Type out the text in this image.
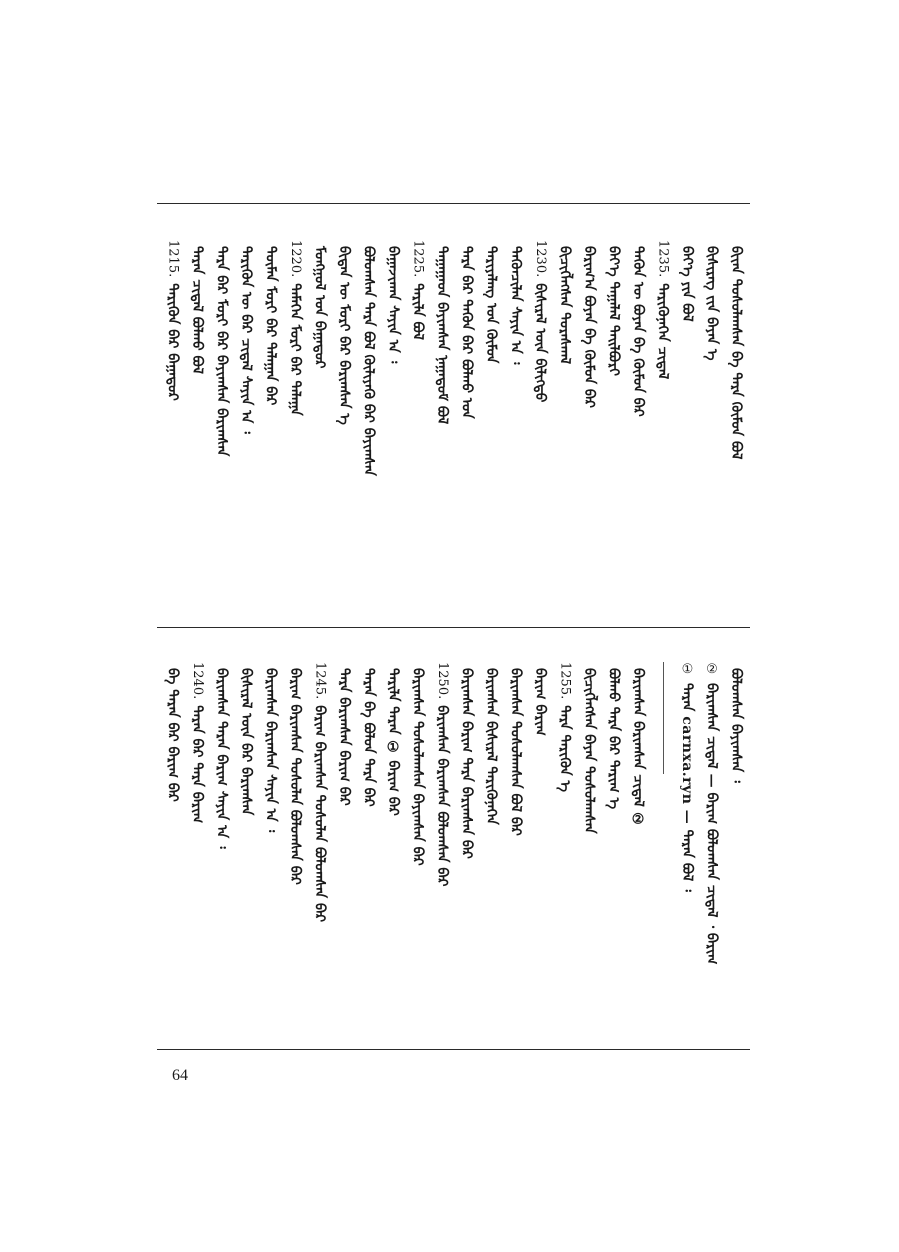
ᠪᠢᠶ᠋ᠡᠨ ᠲᠤᠰᠤᠯᠠᠭᠰᠠᠨ ᠪᠠ ᠲᠡᠷᠡ ᠬᠦᠮᠦᠨ ᠪᠣᠯ
ᠪᠢᠰᠢᠷᠡᠭ ᠵᠢᠨ ᠪᠠᠶᠠᠨ ᠡ
ᠪᠡᠶ᠎ᠡ ᠶᠢᠨ ᠪᠣᠯ
1235.ᠲᠡᠷᠢᠭᠦᠨᠡᠬᠡᠨ ᠴᠢᠳᠠᠯ
ᠲᠡᠭᠦᠨ ᠦ ᠪᠤᠶᠠᠨ ᠪᠠ ᠬᠦᠮᠦᠨ ᠪᠡᠷ
ᠪᠡᠶ᠎ᠡ ᠲᠠᠭᠠᠯᠠᠯ ᠲᠠᠢᠯᠪᠤᠷᠢ
ᠪᠠᠷᠢᠭ᠎ᠠ ᠪᠤᠶᠠᠨ ᠪᠠ ᠬᠦᠮᠦᠨ ᠪᠡᠷ
ᠪᠢᠴᠢᠭᠯᠡᠭᠰᠡᠨ ᠳᠤᠷᠠᠰᠬᠠᠯ
1230.ᠪᠢᠰᠢᠷᠡᠯ ᠦᠨ ᠪᠢᠯᠢᠭᠲᠦ
ᠲᠡᠭᠦᠨᠴᠢᠯᠡᠨ ᠰᠠᠶᠢᠨ ᠠ ᠄
ᠲᠠᠷᠢᠶᠠᠯᠠᠩ ᠤᠨ ᠬᠦᠮᠦᠨ
ᠲᠡᠷᠡ ᠪᠡᠷ ᠲᠡᠭᠦᠨ ᠪᠡᠷ ᠪᠣᠯᠬᠤ ᠤᠨ
ᠳᠠᠭᠠᠭᠠᠳ ᠪᠠᠶᠢᠭᠰᠠᠨ ᠨᠠᠭᠠᠳᠤᠮ ᠪᠣᠯ
1225.ᠲᠠᠷᠢᠯᠠ ᠪᠣᠯ
ᠪᠠᠭᠠᠵᠢᠬᠠᠨ ᠰᠠᠶᠢᠨ ᠠ ᠄
ᠪᠣᠯᠤᠭᠰᠠᠨ ᠲᠡᠷᠡ ᠪᠣᠯ ᠬᠦᠯᠢᠶᠡᠬᠦ ᠪᠠᠷ ᠪᠠᠶᠢᠭᠰᠠᠨ
ᠪᠢᠳᠡᠨ ᠦ ᠮᠣᠷᠢ ᠪᠠᠷ ᠪᠠᠷᠢᠭᠰᠠᠨ ᠡ
ᠮᠣᠩᠭᠣᠯ ᠤᠨ ᠪᠠᠭᠠᠲᠤᠷ
1220.ᠲᠡᠮᠡᠭᠡᠨ ᠮᠣᠷᠢ ᠪᠠᠷ ᠲᠠᠯᠠᠭᠠ
ᠲᠦᠮᠡᠨ ᠮᠣᠷᠢ ᠪᠠᠷ ᠲᠠᠯᠠᠭᠠᠨ ᠪᠠᠷ
ᠲᠡᠷᠢᠭᠦᠨ ᠦ ᠪᠠᠷ ᠴᠢᠳᠠᠯ ᠰᠠᠶᠢᠨ ᠠ ᠄
ᠲᠡᠷᠡ ᠪᠡᠷ ᠮᠣᠷᠢ ᠪᠠᠷ ᠪᠠᠶᠢᠭᠰᠠᠨ ᠪᠠᠷᠢᠭᠰᠠᠨ
ᠲᠠᠷᠠᠨ ᠴᠢᠳᠠᠯ ᠪᠣᠯᠬᠤ ᠪᠣᠯ
1215.ᠲᠡᠷᠢᠭᠦᠨ ᠪᠠᠷ ᠪᠠᠭᠠᠲᠤᠷ
ᠪᠣᠯᠤᠭᠰᠠᠨ ᠪᠠᠶᠢᠭᠰᠠᠨ ᠄
②ᠪᠠᠷᠢᠭᠰᠠᠨ ᠴᠢᠳᠠᠯ — ᠪᠠᠷᠢᠭ ᠪᠣᠯᠤᠭᠰᠠᠨ ᠴᠢᠳᠠᠯ ᠂ ᠪᠠᠷᠢᠭ
①ᠲᠠᠷᠠᠨ carnxa.ryn — ᠲᠠᠷᠠᠨ ᠪᠣᠯ ᠄
ᠪᠠᠷᠢᠭᠰᠠᠨ ᠪᠠᠷᠢᠭᠰᠠᠨ ᠴᠢᠳᠠᠯ ②
ᠪᠣᠯᠬᠤ ᠲᠡᠷᠡ ᠪᠡᠷ ᠲᠠᠷᠢᠭ ᠡ
ᠪᠢᠴᠢᠭᠯᠡᠭᠰᠡᠨ ᠪᠠᠶᠠᠨ ᠲᠤᠰᠤᠯᠠᠭᠰᠠᠨ
1255.ᠲᠡᠷᠡ ᠲᠡᠷᠢᠭᠦᠨ ᠡ
ᠪᠠᠷᠢᠭ ᠪᠠᠷᠢᠭ
ᠪᠠᠷᠢᠭᠰᠠᠨ ᠲᠤᠰᠤᠯᠠᠭᠰᠠᠨ ᠪᠣᠯ ᠪᠠᠷ
ᠪᠠᠷᠢᠭᠰᠠᠨ ᠪᠢᠰᠢᠷᠡᠯ ᠲᠡᠷᠢᠭᠦᠨᠡᠬᠡᠨ
ᠪᠠᠷᠢᠭᠰᠠᠨ ᠪᠠᠷᠢᠭ ᠲᠡᠷᠡ ᠪᠠᠷᠢᠭᠰᠠᠨ ᠪᠠᠷ
1250.ᠪᠠᠷᠢᠭᠰᠠᠨ ᠪᠠᠷᠢᠭᠰᠠᠨ ᠪᠣᠯᠤᠭᠰᠠᠨ ᠪᠠᠷ
ᠪᠠᠷᠢᠭᠰᠠᠨ ᠲᠤᠰᠤᠯᠠᠭᠰᠠᠨ ᠪᠠᠶᠢᠭᠰᠠᠨ ᠪᠠᠷ
ᠲᠠᠷᠢᠯᠠ ᠲᠠᠷᠠᠨ ① ᠪᠠᠷᠢᠭ ᠪᠠᠷ
ᠲᠠᠷᠠᠨ ᠪᠠ ᠪᠣᠯᠤᠨ ᠲᠡᠷᠡ ᠪᠠᠷ
ᠲᠡᠷᠡ ᠪᠠᠷᠢᠭᠰᠠᠨ ᠪᠠᠷᠢᠭ ᠪᠠᠷ
1245.ᠪᠠᠷᠢᠭ ᠪᠠᠷᠢᠭᠰᠠᠨ ᠲᠤᠰᠤᠯᠠᠨ ᠪᠣᠯᠤᠭᠰᠠᠨ ᠪᠠᠷ
ᠪᠠᠷᠢᠭ ᠪᠠᠷᠢᠭᠰᠠᠨ ᠲᠤᠰᠤᠯᠠᠨ ᠪᠣᠯᠤᠭᠰᠠᠨ ᠪᠠᠷ
ᠪᠠᠷᠢᠭᠰᠠᠨ ᠪᠠᠷᠢᠭᠰᠠᠨ ᠰᠠᠶᠢᠨ ᠠ ᠄
ᠪᠢᠰᠢᠷᠡᠯ ᠦᠨ ᠪᠠᠷ ᠪᠠᠷᠢᠭᠰᠠᠨ
ᠪᠠᠷᠢᠭᠰᠠᠨ ᠲᠠᠷᠠᠨ ᠪᠠᠷᠢᠭ ᠰᠠᠶᠢᠨ ᠠ ᠄
1240.ᠲᠠᠷᠠᠨ ᠪᠠᠷ ᠲᠡᠷᠡ ᠪᠠᠷᠢᠭ
ᠪᠠ ᠲᠠᠷᠠᠨ ᠪᠡᠷ ᠪᠠᠷᠢᠭ ᠪᠡᠷ
64
